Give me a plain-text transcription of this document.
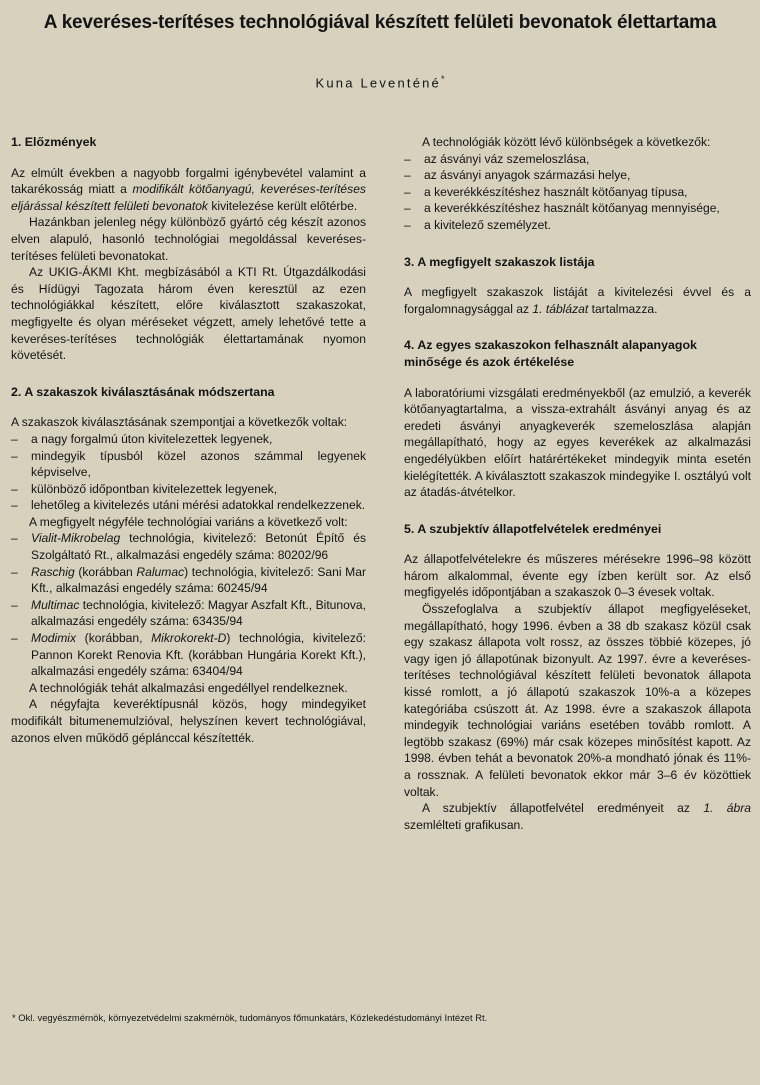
A keveréses-terítéses technológiával készített felületi bevonatok élettartama
Kuna Leventéné*
1. Előzmények

Az elmúlt években a nagyobb forgalmi igénybevétel valamint a takarékosság miatt a modifikált kötőanyagú, keveréses-terítéses eljárással készített felületi bevonatok kivitelezése került előtérbe.

Hazánkban jelenleg négy különböző gyártó cég készít azonos elven alapuló, hasonló technológiai megoldással keveréses-terítéses felületi bevonatokat.

Az UKIG-ÁKMI Kht. megbízásából a KTI Rt. Útgazdálkodási és Hídügyi Tagozata három éven keresztül az ezen technológiákkal készített, előre kiválasztott szakaszokat, megfigyelte és olyan méréseket végzett, amely lehetővé tette a keveréses-terítéses technológiák élettartamának nyomon követését.

2. A szakaszok kiválasztásának módszertana

A szakaszok kiválasztásának szempontjai a következők voltak:

– a nagy forgalmú úton kivitelezettek legyenek,
– mindegyik típusból közel azonos számmal legyenek képviselve,
– különböző időpontban kivitelezettek legyenek,
– lehetőleg a kivitelezés utáni mérési adatokkal rendelkezzenek.

A megfigyelt négyféle technológiai variáns a következő volt:

– Vialit-Mikrobelag technológia, kivitelező: Betonút Építő és Szolgáltató Rt., alkalmazási engedély száma: 80202/96
– Raschig (korábban Ralumac) technológia, kivitelező: Sani Mar Kft., alkalmazási engedély száma: 60245/94
– Multimac technológia, kivitelező: Magyar Aszfalt Kft., Bitunova, alkalmazási engedély száma: 63435/94
– Modimix (korábban, Mikrokorekt-D) technológia, kivitelező: Pannon Korekt Renovia Kft. (korábban Hungária Korekt Kft.), alkalmazási engedély száma: 63404/94

A technológiák tehát alkalmazási engedéllyel rendelkeznek.

A négyfajta keveréktípusnál közös, hogy mindegyiket modifikált bitumenemulzióval, helyszínen kevert technológiával, azonos elven működő géplánccal készítették.

A technológiák között lévő különbségek a következők:

– az ásványi váz szemeloszlása,
– az ásványi anyagok származási helye,
– a keverékkészítéshez használt kötőanyag típusa,
– a keverékkészítéshez használt kötőanyag mennyisége,
– a kivitelező személyzet.
3. A megfigyelt szakaszok listája

A megfigyelt szakaszok listáját a kivitelezési évvel és a forgalomnagysággal az 1. táblázat tartalmazza.

4. Az egyes szakaszokon felhasznált alapanyagok minősége és azok értékelése

A laboratóriumi vizsgálati eredményekből (az emulzió, a keverék kötőanyagtartalma, a vissza-extrahált ásványi anyag és az eredeti ásványi anyagkeverék szemeloszlása alapján megállapítható, hogy az egyes keverékek az alkalmazási engedélyükben előírt határértékeket mindegyik minta esetén kielégítették. A kiválasztott szakaszok mindegyike I. osztályú volt az átadás-átvételkor.

5. A szubjektív állapotfelvételek eredményei

Az állapotfelvételekre és műszeres mérésekre 1996–98 között három alkalommal, évente egy ízben került sor. Az első megfigyelés időpontjában a szakaszok 0–3 évesek voltak.

Összefoglalva a szubjektív állapot megfigyeléseket, megállapítható, hogy 1996. évben a 38 db szakasz közül csak egy szakasz állapota volt rossz, az összes többié közepes, jó vagy igen jó állapotúnak bizonyult. Az 1997. évre a keveréses-terítéses technológiával készített felületi bevonatok állapota kissé romlott, a jó állapotú szakaszok 10%-a a közepes kategóriába csúszott át. Az 1998. évre a szakaszok állapota mindegyik technológiai variáns esetében tovább romlott. A legtöbb szakasz (69%) már csak közepes minősítést kapott. Az 1998. évben tehát a bevonatok 20%-a mondható jónak és 11%-a rossznak. A felületi bevonatok ekkor már 3–6 év közöttiek voltak.

A szubjektív állapotfelvétel eredményeit az 1. ábra szemlélteti grafikusan.

* Okl. vegyészmérnök, környezetvédelmi szakmérnök, tudományos főmunkatárs, Közlekedéstudományi Intézet Rt.
